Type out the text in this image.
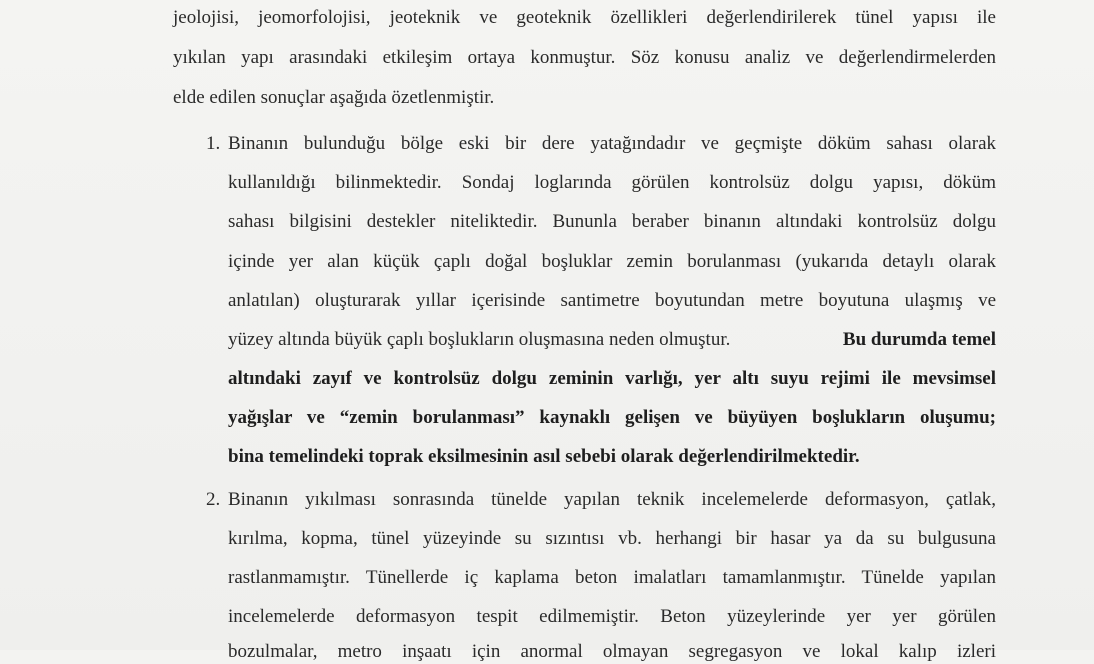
jeolojisi, jeomorfolojisi, jeoteknik ve geoteknik özellikleri değerlendirilerek tünel yapısı ile
yıkılan yapı arasındaki etkileşim ortaya konmuştur. Söz konusu analiz ve değerlendirmelerden
elde edilen sonuçlar aşağıda özetlenmiştir.
1. Binanın bulunduğu bölge eski bir dere yatağındadır ve geçmişte döküm sahası olarak
kullanıldığı bilinmektedir. Sondaj loglarında görülen kontrolsüz dolgu yapısı, döküm
sahası bilgisini destekler niteliktedir. Bununla beraber binanın altındaki kontrolsüz dolgu
içinde yer alan küçük çaplı doğal boşluklar zemin borulanması (yukarıda detaylı olarak
anlatılan) oluşturarak yıllar içerisinde santimetre boyutundan metre boyutuna ulaşmış ve
yüzey altında büyük çaplı boşlukların oluşmasına neden olmuştur.	Bu durumda temel
altındaki zayıf ve kontrolsüz dolgu zeminin varlığı, yer altı suyu rejimi ile mevsimsel
yağışlar ve “zemin borulanması” kaynaklı gelişen ve büyüyen boşlukların oluşumu;
bina temelindeki toprak eksilmesinin asıl sebebi olarak değerlendirilmektedir.
2. Binanın yıkılması sonrasında tünelde yapılan teknik incelemelerde deformasyon, çatlak,
kırılma, kopma, tünel yüzeyinde su sızıntısı vb. herhangi bir hasar ya da su bulgusuna
rastlanmamıştır. Tünellerde iç kaplama beton imalatları tamamlanmıştır. Tünelde yapılan
incelemelerde deformasyon tespit edilmemiştir. Beton yüzeylerinde yer yer görülen
bozulmalar, metro inşaatı için anormal olmayan segregasyon ve lokal kalıp izleri
